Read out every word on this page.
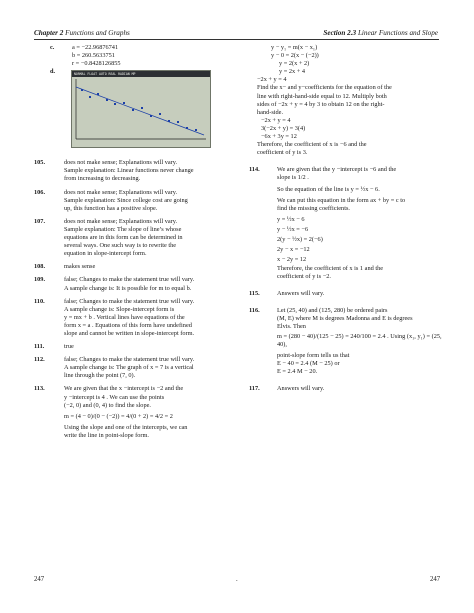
Chapter 2 Functions and Graphs	Section 2.3 Linear Functions and Slope
c.	a = −22.96876741
b = 260.5633751
r = −0.8428126855
d.	NORMAL FLOAT AUTO REAL RADIAN MP
105.	does not make sense; Explanations will vary.
Sample explanation: Linear functions never change
from increasing to decreasing.
106.	does not make sense; Explanations will vary.
Sample explanation: Since college cost are going
up, this function has a positive slope.
107.	does not make sense; Explanations will vary.
Sample explanation: The slope of line’s whose
equations are in this form can be determined in
several ways. One such way is to rewrite the
equation in slope-intercept form.
108.	makes sense
109.	false; Changes to make the statement true will vary.
A sample change is: It is possible for m to equal b.
110.	false; Changes to make the statement true will vary.
A sample change is: Slope-intercept form is
y = mx + b . Vertical lines have equations of the
form x = a . Equations of this form have undefined
slope and cannot be written in slope-intercept form.
111.	true
112.	false; Changes to make the statement true will vary.
A sample change is: The graph of x = 7 is a vertical
line through the point (7, 0).
113.	We are given that the x −intercept is −2 and the
y −intercept is 4 . We can use the points
(−2, 0) and (0, 4) to find the slope.
m = (4 − 0)/(0 − (−2)) = 4/(0 + 2) = 4/2 = 2
Using the slope and one of the intercepts, we can
write the line in point-slope form.
y − y₁ = m(x − x₁)
y − 0 = 2(x − (−2))
y = 2(x + 2)
y = 2x + 4
−2x + y = 4
Find the x− and y−coefficients for the equation of the
line with right-hand-side equal to 12. Multiply both
sides of −2x + y = 4 by 3 to obtain 12 on the right-
hand-side.
−2x + y = 4
3(−2x + y) = 3(4)
−6x + 3y = 12
Therefore, the coefficient of x is −6 and the
coefficient of y is 3.
114.	We are given that the y −intercept is −6 and the
slope is 1/2 .
So the equation of the line is y = ½x − 6.
We can put this equation in the form ax + by = c to
find the missing coefficients.
y = ½x − 6
y − ½x = −6
2(y − ½x) = 2(−6)
2y − x = −12
x − 2y = 12
Therefore, the coefficient of x is 1 and the
coefficient of y is −2.
115.	Answers will vary.
116.	Let (25, 40) and (125, 280) be ordered pairs
(M, E) where M is degrees Madonna and E is degrees
Elvis. Then
m = (280 − 40)/(125 − 25) = 240/100 = 2.4 . Using (x₁, y₁) = (25, 40),
point-slope form tells us that
E − 40 = 2.4 (M − 25) or
E = 2.4 M − 20.
117.	Answers will vary.
247	.	247
